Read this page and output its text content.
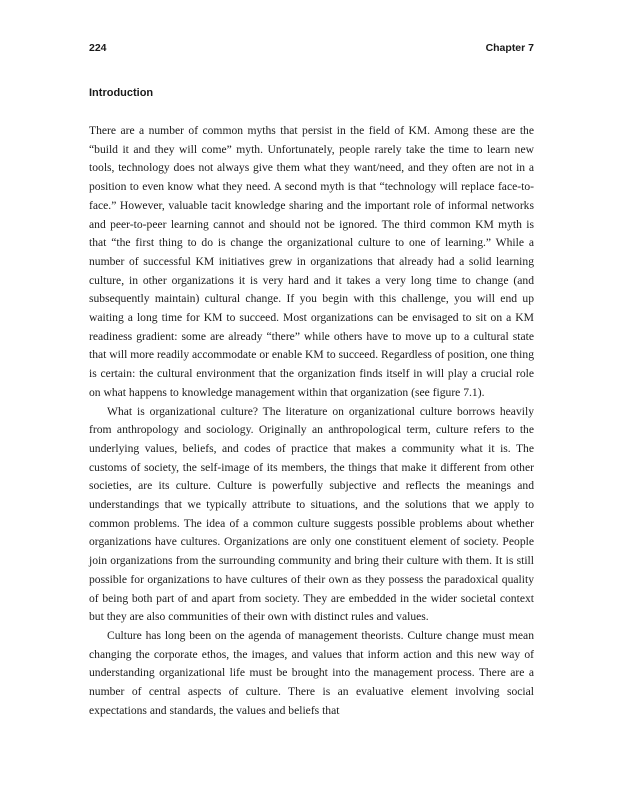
224	Chapter 7
Introduction

There are a number of common myths that persist in the field of KM. Among these are the “build it and they will come” myth. Unfortunately, people rarely take the time to learn new tools, technology does not always give them what they want/need, and they often are not in a position to even know what they need. A second myth is that “technology will replace face-to-face.” However, valuable tacit knowledge sharing and the important role of informal networks and peer-to-peer learning cannot and should not be ignored. The third common KM myth is that “the first thing to do is change the organizational culture to one of learning.” While a number of successful KM initiatives grew in organizations that already had a solid learning culture, in other organizations it is very hard and it takes a very long time to change (and subsequently maintain) cultural change. If you begin with this challenge, you will end up waiting a long time for KM to succeed. Most organizations can be envisaged to sit on a KM readiness gradient: some are already “there” while others have to move up to a cultural state that will more readily accommodate or enable KM to succeed. Regardless of position, one thing is certain: the cultural environment that the organization finds itself in will play a crucial role on what happens to knowledge management within that organization (see figure 7.1).

What is organizational culture? The literature on organizational culture borrows heavily from anthropology and sociology. Originally an anthropological term, culture refers to the underlying values, beliefs, and codes of practice that makes a community what it is. The customs of society, the self-image of its members, the things that make it different from other societies, are its culture. Culture is powerfully subjective and reflects the meanings and understandings that we typically attribute to situations, and the solutions that we apply to common problems. The idea of a common culture suggests possible problems about whether organizations have cultures. Organizations are only one constituent element of society. People join organizations from the surrounding community and bring their culture with them. It is still possible for organizations to have cultures of their own as they possess the paradoxical quality of being both part of and apart from society. They are embedded in the wider societal context but they are also communities of their own with distinct rules and values.

Culture has long been on the agenda of management theorists. Culture change must mean changing the corporate ethos, the images, and values that inform action and this new way of understanding organizational life must be brought into the management process. There are a number of central aspects of culture. There is an evaluative element involving social expectations and standards, the values and beliefs that
